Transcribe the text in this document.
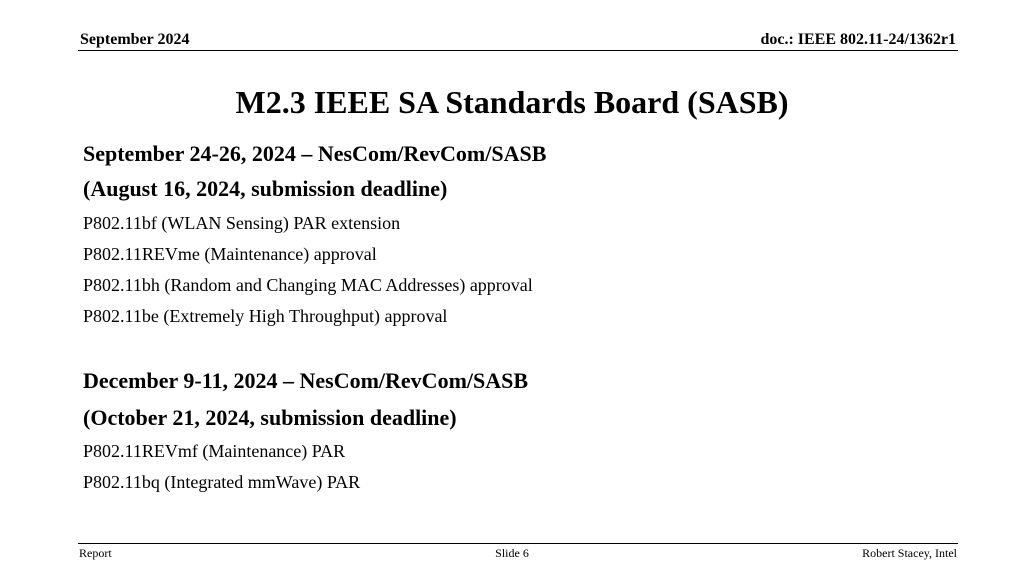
September 2024	doc.: IEEE 802.11-24/1362r1
M2.3 IEEE SA Standards Board (SASB)
September 24-26, 2024 – NesCom/RevCom/SASB
(August 16, 2024, submission deadline)
P802.11bf (WLAN Sensing) PAR extension
P802.11REVme (Maintenance) approval
P802.11bh (Random and Changing MAC Addresses) approval
P802.11be (Extremely High Throughput) approval
December 9-11, 2024 – NesCom/RevCom/SASB
(October 21, 2024, submission deadline)
P802.11REVmf (Maintenance) PAR
P802.11bq (Integrated mmWave) PAR
Report	Slide 6	Robert Stacey, Intel
